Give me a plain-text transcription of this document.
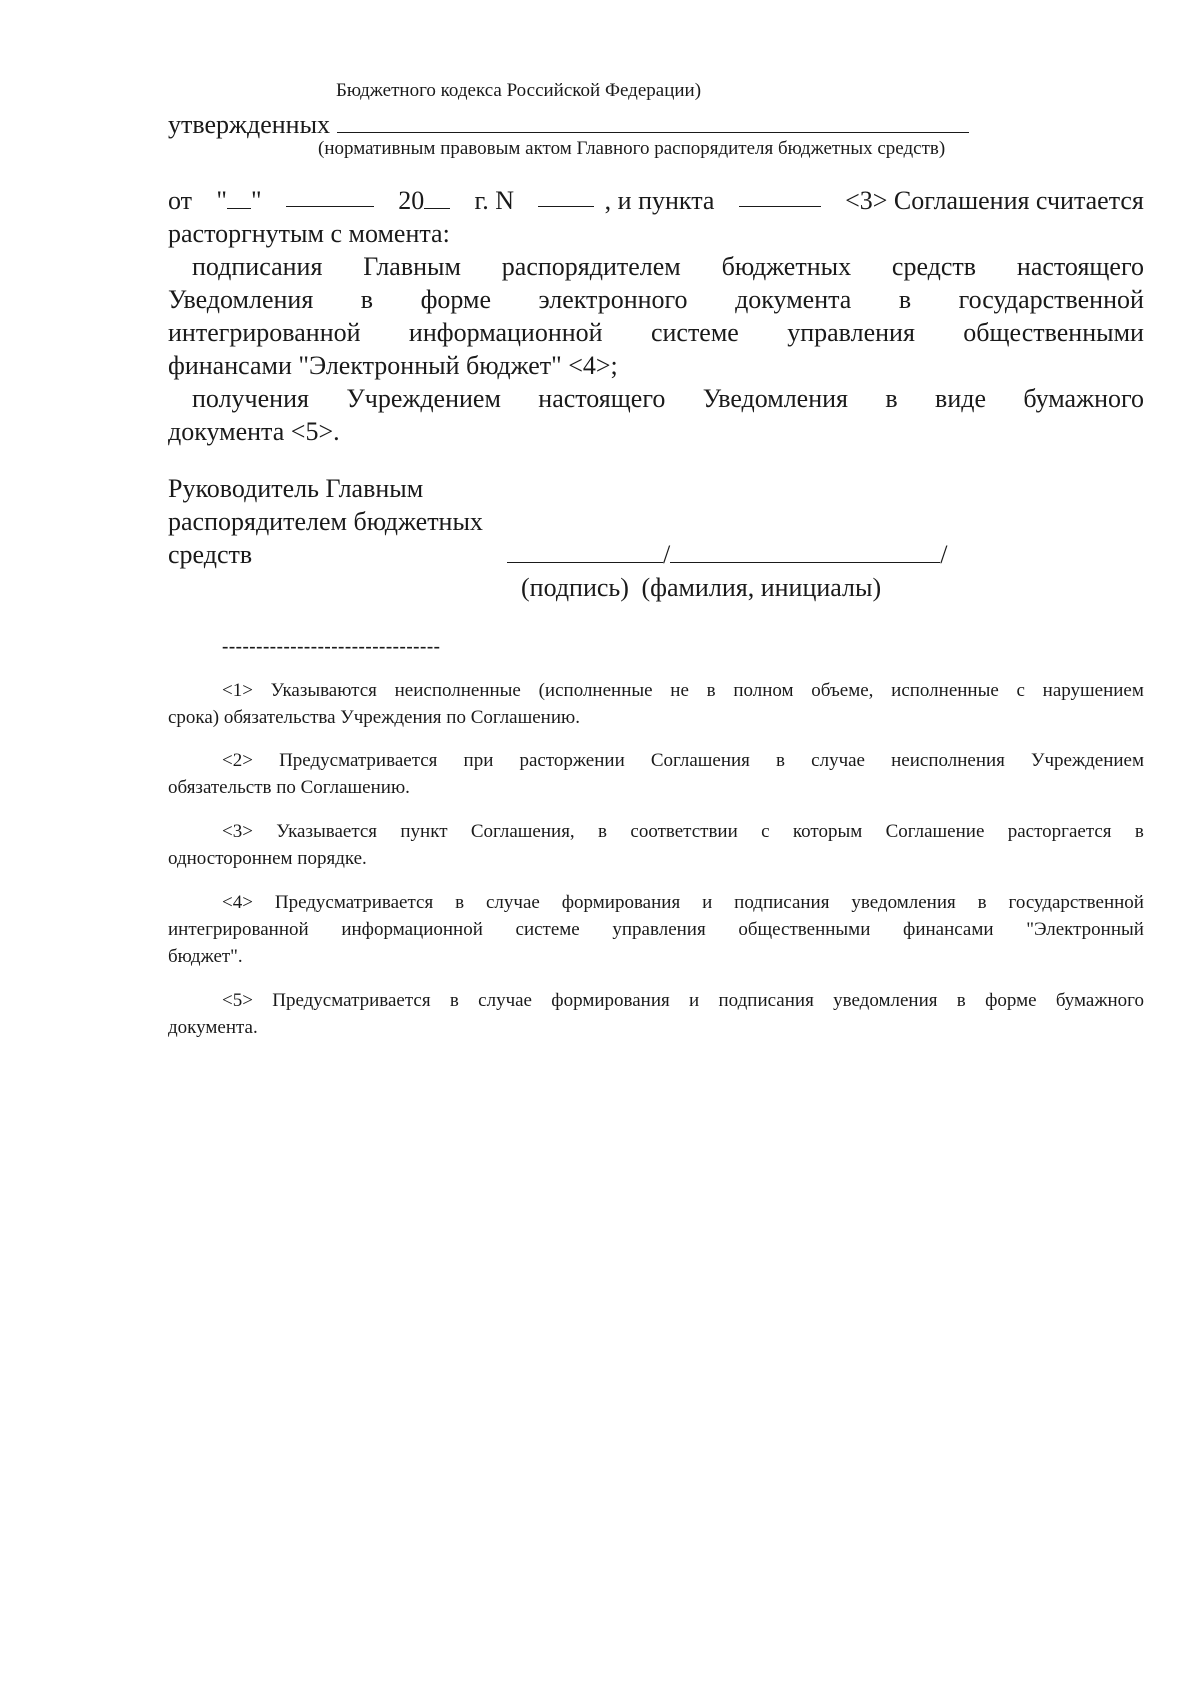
Бюджетного кодекса Российской Федерации)
утвержденных
(нормативным правовым актом Главного распорядителя бюджетных средств)
от " "	20	г. N	, и пункта	<3> Соглашения считается
расторгнутым с момента:
подписания Главным распорядителем бюджетных средств настоящего
Уведомления в форме электронного документа в государственной
интегрированной информационной системе управления общественными
финансами "Электронный бюджет" <4>;
получения Учреждением настоящего Уведомления в виде бумажного
документа <5>.
Руководитель Главным
распорядителем бюджетных
средств	/	/
(подпись) (фамилия, инициалы)
--------------------------------
<1> Указываются неисполненные (исполненные не в полном объеме, исполненные с нарушением
срока) обязательства Учреждения по Соглашению.
<2> Предусматривается при расторжении Соглашения в случае неисполнения Учреждением
обязательств по Соглашению.
<3> Указывается пункт Соглашения, в соответствии с которым Соглашение расторгается в
одностороннем порядке.
<4> Предусматривается в случае формирования и подписания уведомления в государственной
интегрированной информационной системе управления общественными финансами "Электронный
бюджет".
<5> Предусматривается в случае формирования и подписания уведомления в форме бумажного
документа.
